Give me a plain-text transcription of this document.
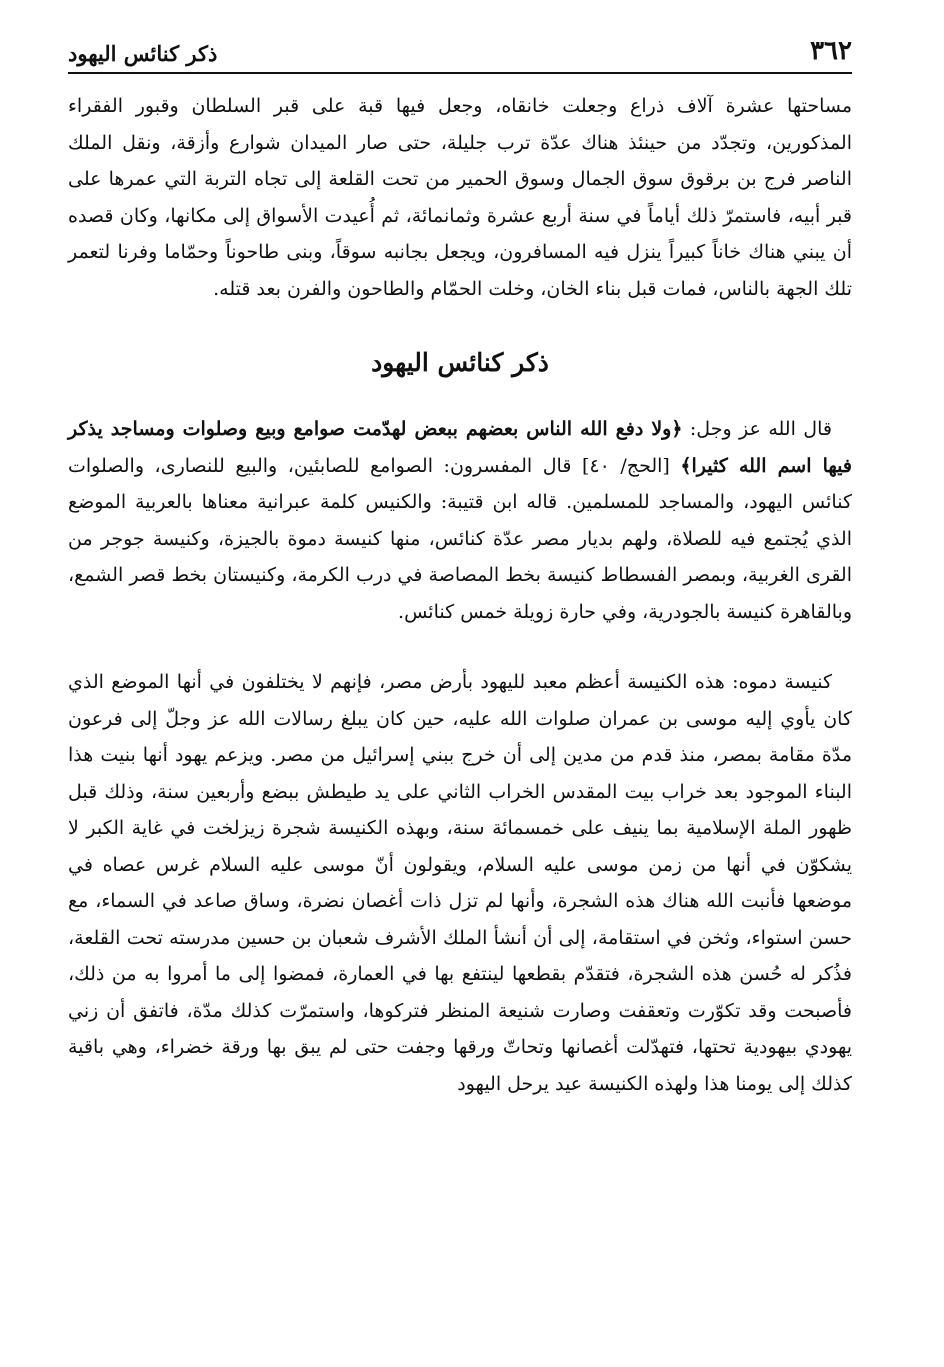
٣٦٢
ذكر كنائس اليهود

مساحتها عشرة آلاف ذراع وجعلت خانقاه، وجعل فيها قبة على قبر السلطان وقبور الفقراء المذكورين، وتجدّد من حينئذ هناك عدّة ترب جليلة، حتى صار الميدان شوارع وأزقة، ونقل الملك الناصر فرج بن برقوق سوق الجمال وسوق الحمير من تحت القلعة إلى تجاه التربة التي عمرها على قبر أبيه، فاستمرّ ذلك أياماً في سنة أربع عشرة وثمانمائة، ثم أُعيدت الأسواق إلى مكانها، وكان قصده أن يبني هناك خاناً كبيراً ينزل فيه المسافرون، ويجعل بجانبه سوقاً، وبنى طاحوناً وحمّاما وفرنا لتعمر تلك الجهة بالناس، فمات قبل بناء الخان، وخلت الحمّام والطاحون والفرن بعد قتله.

ذكر كنائس اليهود

قال الله عز وجل: ﴿ولا دفع الله الناس بعضهم ببعض لهدّمت صوامع وبيع وصلوات ومساجد يذكر فيها اسم الله كثيرا﴾ [الحج/ ٤٠] قال المفسرون: الصوامع للصابئين، والبيع للنصارى، والصلوات كنائس اليهود، والمساجد للمسلمين. قاله ابن قتيبة: والكنيس كلمة عبرانية معناها بالعربية الموضع الذي يُجتمع فيه للصلاة، ولهم بديار مصر عدّة كنائس، منها كنيسة دموة بالجيزة، وكنيسة جوجر من القرى الغربية، وبمصر الفسطاط كنيسة بخط المصاصة في درب الكرمة، وكنيستان بخط قصر الشمع، وبالقاهرة كنيسة بالجودرية، وفي حارة زويلة خمس كنائس.

كنيسة دموه: هذه الكنيسة أعظم معبد لليهود بأرض مصر، فإنهم لا يختلفون في أنها الموضع الذي كان يأوي إليه موسى بن عمران صلوات الله عليه، حين كان يبلغ رسالات الله عز وجلّ إلى فرعون مدّة مقامة بمصر، منذ قدم من مدين إلى أن خرج ببني إسرائيل من مصر. ويزعم يهود أنها بنيت هذا البناء الموجود بعد خراب بيت المقدس الخراب الثاني على يد طيطش ببضع وأربعين سنة، وذلك قبل ظهور الملة الإسلامية بما ينيف على خمسمائة سنة، وبهذه الكنيسة شجرة زيزلخت في غاية الكبر لا يشكوّن في أنها من زمن موسى عليه السلام، ويقولون أنّ موسى عليه السلام غرس عصاه في موضعها فأنبت الله هناك هذه الشجرة، وأنها لم تزل ذات أغصان نضرة، وساق صاعد في السماء، مع حسن استواء، وثخن في استقامة، إلى أن أنشأ الملك الأشرف شعبان بن حسين مدرسته تحت القلعة، فذُكر له حُسن هذه الشجرة، فتقدّم بقطعها لينتفع بها في العمارة، فمضوا إلى ما أمروا به من ذلك، فأصبحت وقد تكوّرت وتعقفت وصارت شنيعة المنظر فتركوها، واستمرّت كذلك مدّة، فاتفق أن زني يهودي بيهودية تحتها، فتهدّلت أغصانها وتحاتّ ورقها وجفت حتى لم يبق بها ورقة خضراء، وهي باقية كذلك إلى يومنا هذا ولهذه الكنيسة عيد يرحل اليهود
